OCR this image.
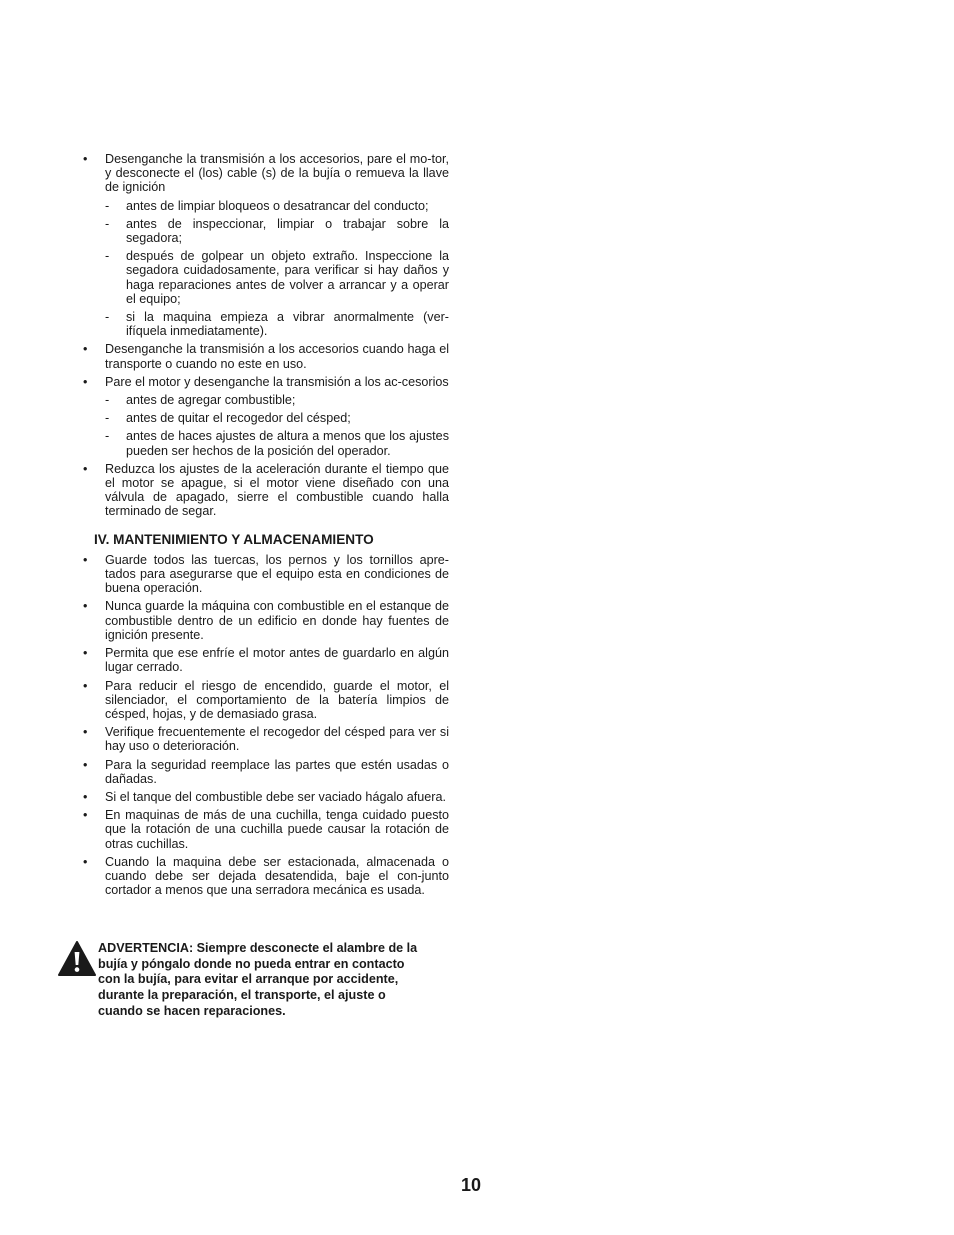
• Desenganche la transmisión a los accesorios, pare el mo-tor, y desconecte el (los) cable (s) de la bujía o remueva la llave de ignición
- antes de limpiar bloqueos o desatrancar del conducto;
- antes de inspeccionar, limpiar o trabajar sobre la segadora;
- después de golpear un objeto extraño. Inspeccione la segadora cuidadosamente, para verificar si hay daños y haga reparaciones antes de volver a arrancar y a operar el equipo;
- si la maquina empieza a vibrar anormalmente (ver-ifíquela inmediatamente).
• Desenganche la transmisión a los accesorios cuando haga el transporte o cuando no este en uso.
• Pare el motor y desenganche la transmisión a los ac-cesorios
- antes de agregar combustible;
- antes de quitar el recogedor del césped;
- antes de haces ajustes de altura a menos que los ajustes pueden ser hechos de la posición del operador.
• Reduzca los ajustes de la aceleración durante el tiempo que el motor se apague, si el motor viene diseñado con una válvula de apagado, sierre el combustible cuando halla terminado de segar.
IV. MANTENIMIENTO Y ALMACENAMIENTO
• Guarde todos las tuercas, los pernos y los tornillos apre-tados para asegurarse que el equipo esta en condiciones de buena operación.
• Nunca guarde la máquina con combustible en el estanque de combustible dentro de un edificio en donde hay fuentes de ignición presente.
• Permita que ese enfríe el motor antes de guardarlo en algún lugar cerrado.
• Para reducir el riesgo de encendido, guarde el motor, el silenciador, el comportamiento de la batería limpios de césped, hojas, y de demasiado grasa.
• Verifique frecuentemente el recogedor del césped para ver si hay uso o deterioración.
• Para la seguridad reemplace las partes que estén usadas o dañadas.
• Si el tanque del combustible debe ser vaciado hágalo afuera.
• En maquinas de más de una cuchilla, tenga cuidado puesto que la rotación de una cuchilla puede causar la rotación de otras cuchillas.
• Cuando la maquina debe ser estacionada, almacenada o cuando debe ser dejada desatendida, baje el con-junto cortador a menos que una serradora mecánica es usada.
ADVERTENCIA: Siempre desconecte el alambre de la bujía y póngalo donde no pueda entrar en contacto con la bujía, para evitar el arranque por accidente, durante la preparación, el transporte, el ajuste o cuando se hacen reparaciones.
10
